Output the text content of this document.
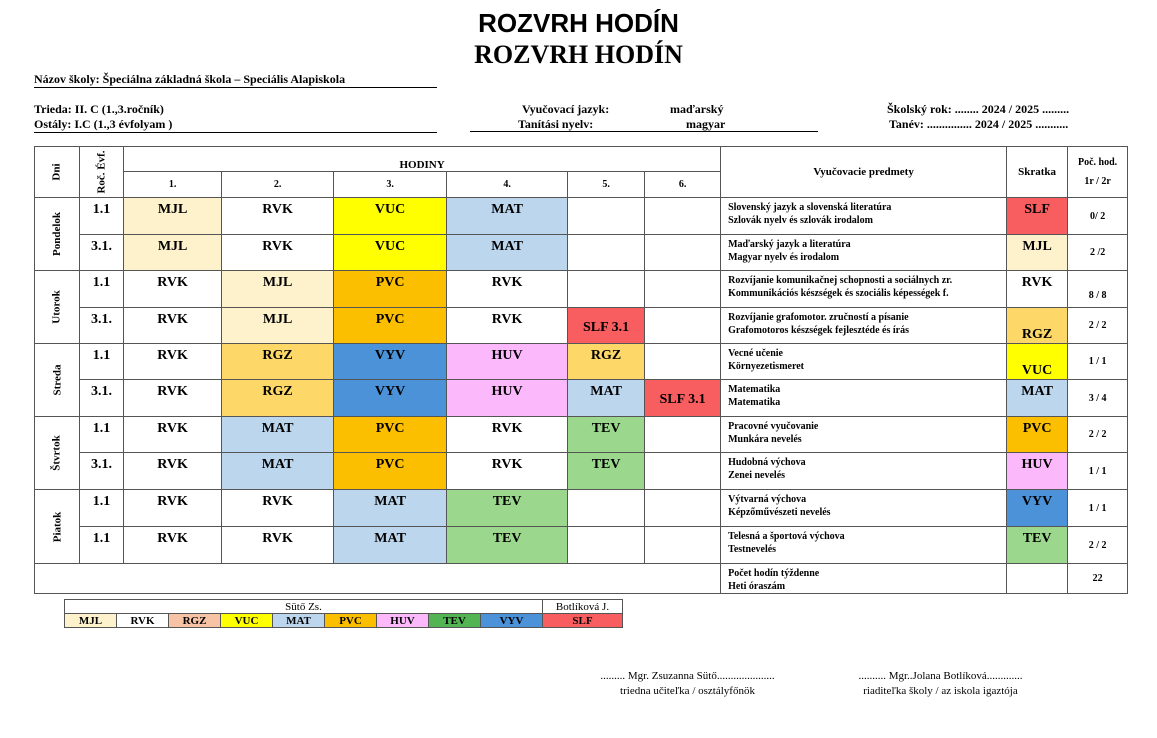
ROZVRH HODÍN
ROZVRH HODÍN
Názov školy: Špeciálna základná škola – Speciális Alapiskola
Trieda: II. C (1.,3.ročník)
Ostály: I.C (1.,3 évfolyam )
Vyučovací jazyk:	maďarský
Tanítási nyelv:	magyar
Školský rok: ........ 2024 / 2025 .........
Tanév: ............... 2024 / 2025 ...........
Dni	Roč. Évf.	HODINY						Vyučovacie predmety	Skratka	Poč. hod.
1r / 2r

		1.	2.	3.	4.	5.	6.			
Pondelok	1.1	MJL	RVK	VUC	MAT			Slovenský jazyk a slovenská literatúra
Szlovák nyelv és szlovák irodalom	SLF	0/ 2
	3.1.	MJL	RVK	VUC	MAT			Maďarský jazyk a literatúra
Magyar nyelv és irodalom	MJL	2 /2
Utorok	1.1	RVK	MJL	PVC	RVK			Rozvíjanie komunikačnej schopnosti a sociálnych zr.
Kommunikációs készségek és szociális képességek f.	RVK	8 / 8
	3.1.	RVK	MJL	PVC	RVK	SLF 3.1		Rozvíjanie grafomotor. zručností a písanie
Grafomotoros készségek fejlesztéde és írás	RGZ	2 / 2
Streda	1.1	RVK	RGZ	VYV	HUV	RGZ		Vecné učenie
Környezetismeret	VUC	1 / 1
	3.1.	RVK	RGZ	VYV	HUV	MAT	SLF 3.1	Matematika
Matematika	MAT	3 / 4
Štvrtok	1.1	RVK	MAT	PVC	RVK	TEV		Pracovné vyučovanie
Munkára nevelés	PVC	2 / 2
	3.1.	RVK	MAT	PVC	RVK	TEV		Hudobná výchova
Zenei nevelés	HUV	1 / 1
Piatok	1.1	RVK	RVK	MAT	TEV			Výtvarná výchova
Képzőművészeti nevelés	VYV	1 / 1
	1.1	RVK	RVK	MAT	TEV			Telesná a športová výchova
Testnevelés	TEV	2 / 2

								Počet hodín týždenne
Heti óraszám		22
Sütő Zs.									Botlíková J.
MJL	RVK	RGZ	VUC	MAT	PVC	HUV	TEV	VYV	SLF
......... Mgr. Zsuzanna Sütő.....................
triedna učiteľka / osztályfőnök
.......... Mgr..Jolana Botlíková.............
riaditeľka školy / az iskola igaztója
